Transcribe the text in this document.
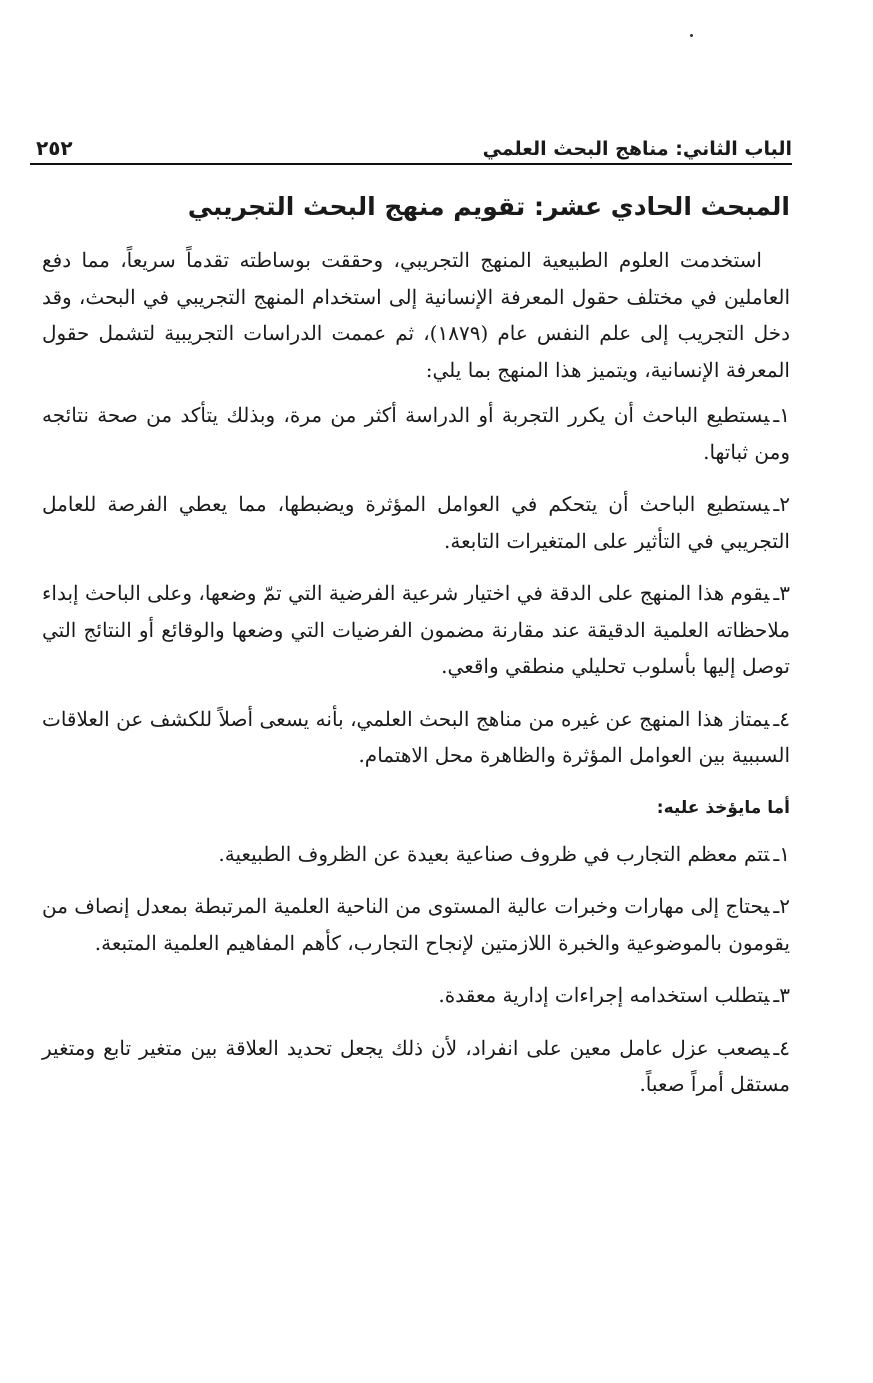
الباب الثاني: مناهج البحث العلمي
٢٥٢
المبحث الحادي عشر: تقويم منهج البحث التجريبي

استخدمت العلوم الطبيعية المنهج التجريبي، وحققت بوساطته تقدماً سريعاً، مما دفع العاملين في مختلف حقول المعرفة الإنسانية إلى استخدام المنهج التجريبي في البحث، وقد دخل التجريب إلى علم النفس عام (١٨٧٩)، ثم عممت الدراسات التجريبية لتشمل حقول المعرفة الإنسانية، ويتميز هذا المنهج بما يلي:

١ـيستطيع الباحث أن يكرر التجربة أو الدراسة أكثر من مرة، وبذلك يتأكد من صحة نتائجه ومن ثباتها.

٢ـيستطيع الباحث أن يتحكم في العوامل المؤثرة ويضبطها، مما يعطي الفرصة للعامل التجريبي في التأثير على المتغيرات التابعة.

٣ـيقوم هذا المنهج على الدقة في اختيار شرعية الفرضية التي تمّ وضعها، وعلى الباحث إبداء ملاحظاته العلمية الدقيقة عند مقارنة مضمون الفرضيات التي وضعها والوقائع أو النتائج التي توصل إليها بأسلوب تحليلي منطقي واقعي.

٤ـيمتاز هذا المنهج عن غيره من مناهج البحث العلمي، بأنه يسعى أصلاً للكشف عن العلاقات السببية بين العوامل المؤثرة والظاهرة محل الاهتمام.

أما مايؤخذ عليه:

١ـتتم معظم التجارب في ظروف صناعية بعيدة عن الظروف الطبيعية.

٢ـيحتاج إلى مهارات وخبرات عالية المستوى من الناحية العلمية المرتبطة بمعدل إنصاف من يقومون بالموضوعية والخبرة اللازمتين لإنجاح التجارب، كأهم المفاهيم العلمية المتبعة.

٣ـيتطلب استخدامه إجراءات إدارية معقدة.

٤ـيصعب عزل عامل معين على انفراد، لأن ذلك يجعل تحديد العلاقة بين متغير تابع ومتغير مستقل أمراً صعباً.
